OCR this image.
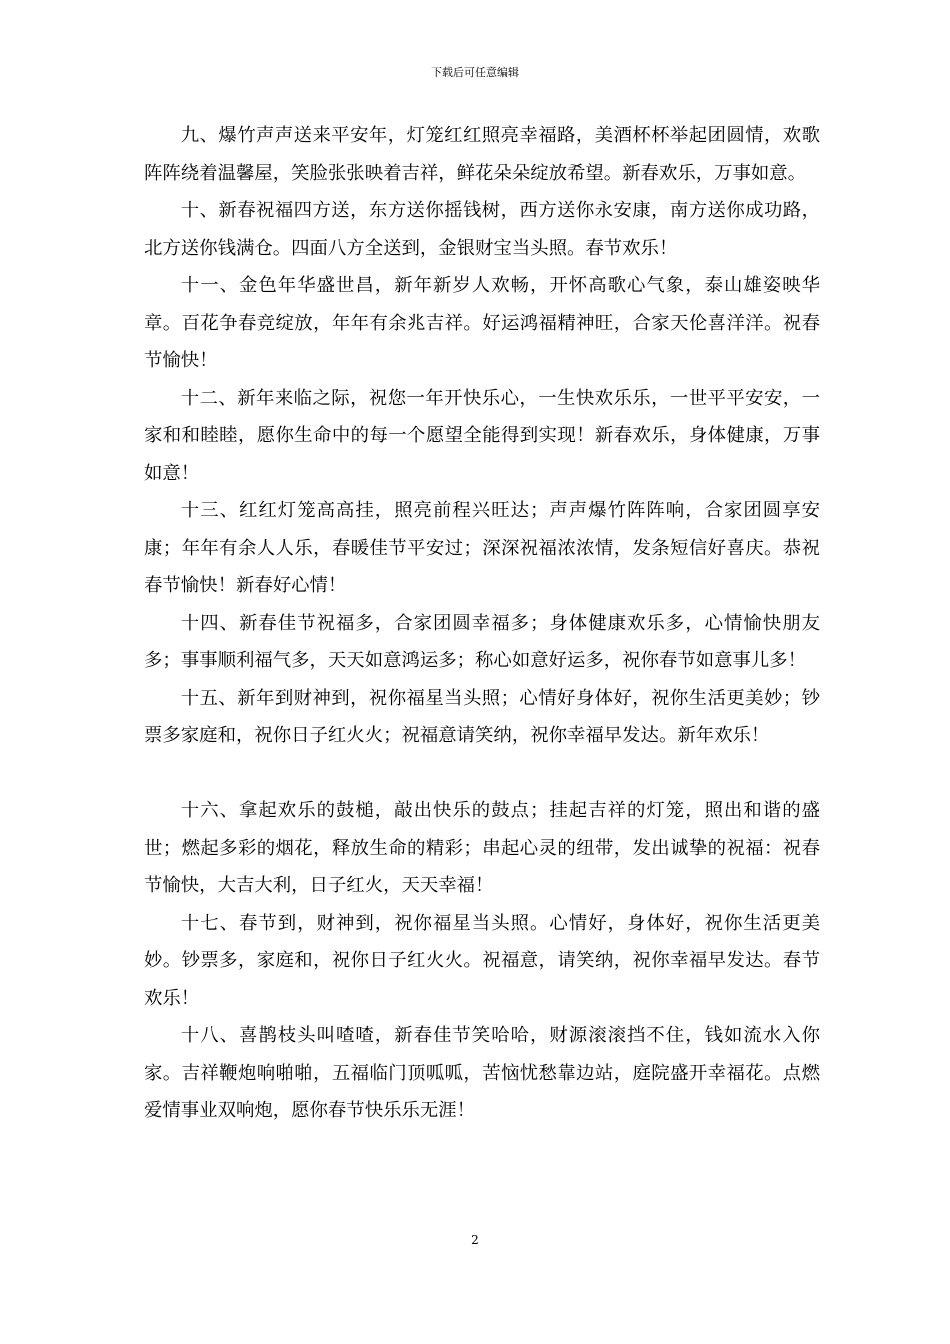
下载后可任意编辑

九、爆竹声声送来平安年，灯笼红红照亮幸福路，美酒杯杯举起团圆情，欢歌阵阵绕着温馨屋，笑脸张张映着吉祥，鲜花朵朵绽放希望。新春欢乐，万事如意。

十、新春祝福四方送，东方送你摇钱树，西方送你永安康，南方送你成功路，北方送你钱满仓。四面八方全送到，金银财宝当头照。春节欢乐！

十一、金色年华盛世昌，新年新岁人欢畅，开怀高歌心气象，泰山雄姿映华章。百花争春竞绽放，年年有余兆吉祥。好运鸿福精神旺，合家天伦喜洋洋。祝春节愉快！

十二、新年来临之际，祝您一年开快乐心，一生快欢乐乐，一世平平安安，一家和和睦睦，愿你生命中的每一个愿望全能得到实现！新春欢乐，身体健康，万事如意！

十三、红红灯笼高高挂，照亮前程兴旺达；声声爆竹阵阵响，合家团圆享安康；年年有余人人乐，春暖佳节平安过；深深祝福浓浓情，发条短信好喜庆。恭祝春节愉快！新春好心情！

十四、新春佳节祝福多，合家团圆幸福多；身体健康欢乐多，心情愉快朋友多；事事顺利福气多，天天如意鸿运多；称心如意好运多，祝你春节如意事儿多！

十五、新年到财神到，祝你福星当头照；心情好身体好，祝你生活更美妙；钞票多家庭和，祝你日子红火火；祝福意请笑纳，祝你幸福早发达。新年欢乐！

十六、拿起欢乐的鼓槌，敲出快乐的鼓点；挂起吉祥的灯笼，照出和谐的盛世；燃起多彩的烟花，释放生命的精彩；串起心灵的纽带，发出诚挚的祝福：祝春节愉快，大吉大利，日子红火，天天幸福！

十七、春节到，财神到，祝你福星当头照。心情好，身体好，祝你生活更美妙。钞票多，家庭和，祝你日子红火火。祝福意，请笑纳，祝你幸福早发达。春节欢乐！

十八、喜鹊枝头叫喳喳，新春佳节笑哈哈，财源滚滚挡不住，钱如流水入你家。吉祥鞭炮响啪啪，五福临门顶呱呱，苦恼忧愁靠边站，庭院盛开幸福花。点燃爱情事业双响炮，愿你春节快乐乐无涯！

2
